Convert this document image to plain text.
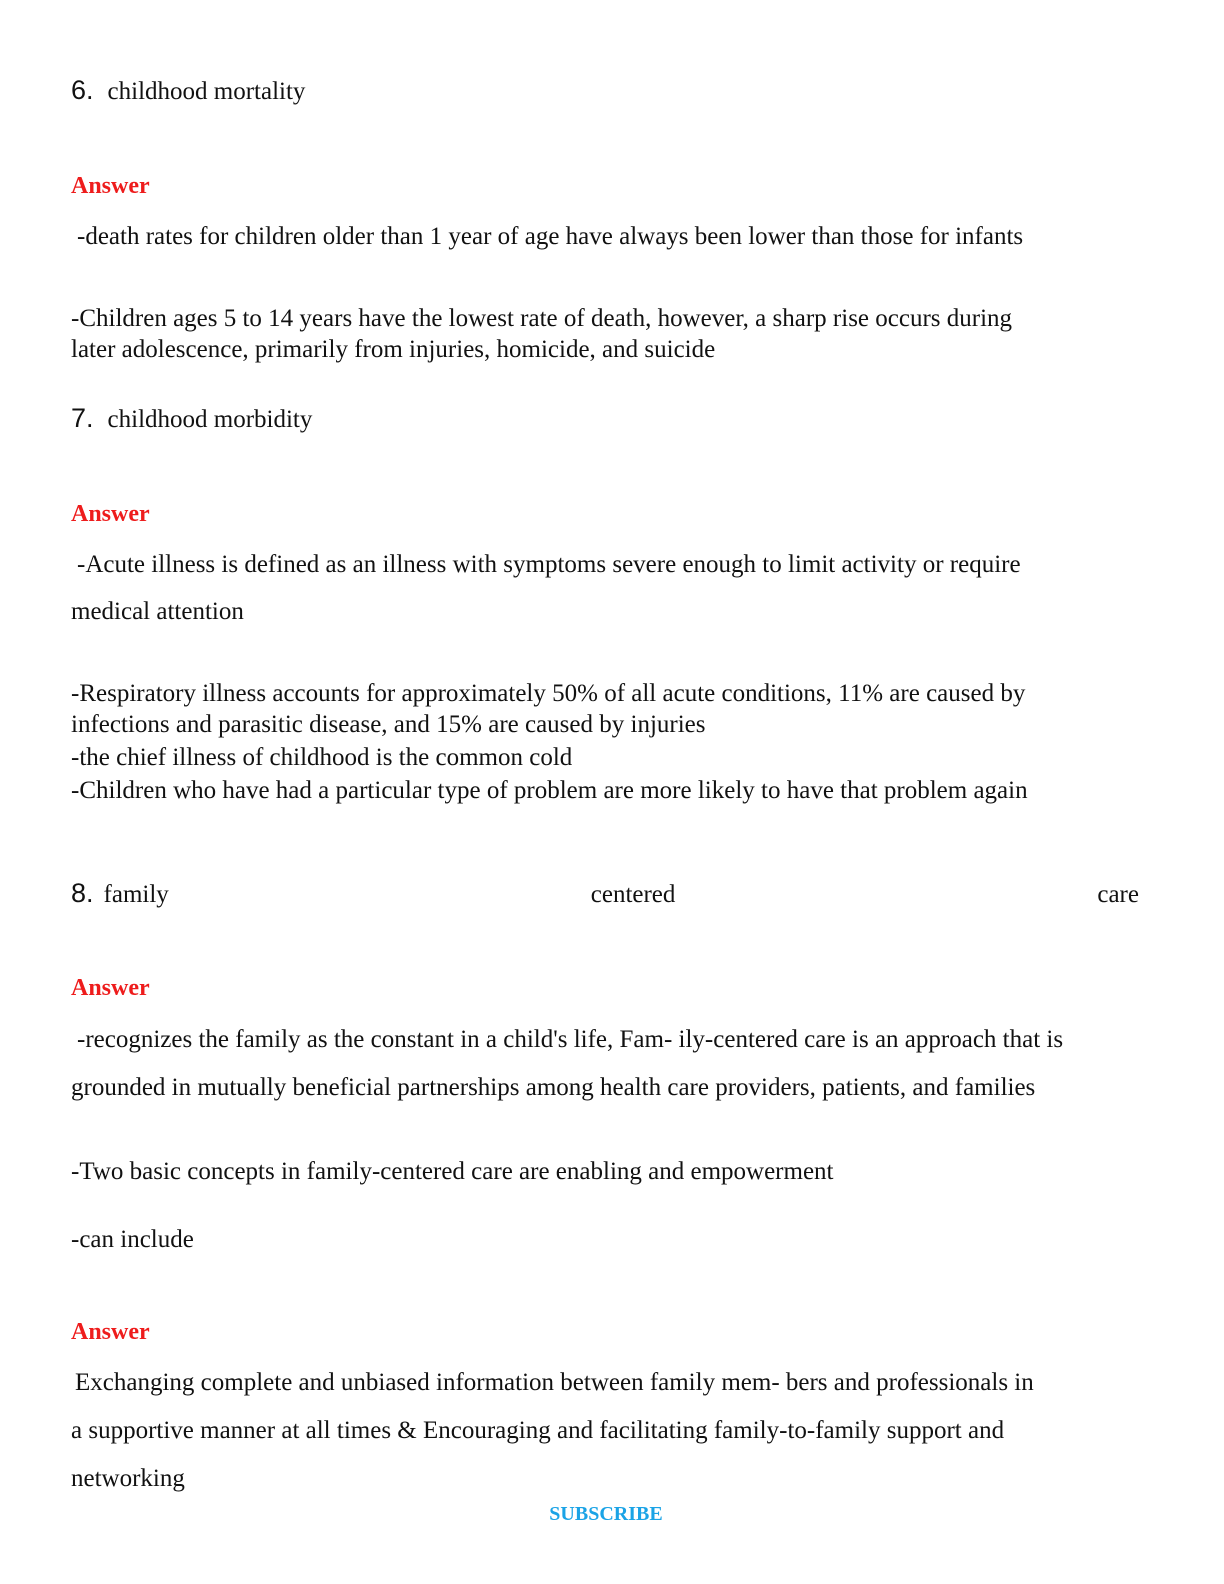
6. childhood mortality
Answer
-death rates for children older than 1 year of age have always been lower than those for infants
-Children ages 5 to 14 years have the lowest rate of death, however, a sharp rise occurs during
later adolescence, primarily from injuries, homicide, and suicide
7. childhood morbidity
Answer
-Acute illness is defined as an illness with symptoms severe enough to limit activity or require
medical attention
-Respiratory illness accounts for approximately 50% of all acute conditions, 11% are caused by
infections and parasitic disease, and 15% are caused by injuries
-the chief illness of childhood is the common cold
-Children who have had a particular type of problem are more likely to have that problem again
8. family	centered	care
Answer
-recognizes the family as the constant in a child's life, Fam- ily-centered care is an approach that is
grounded in mutually beneficial partnerships among health care providers, patients, and families
-Two basic concepts in family-centered care are enabling and empowerment
-can include
Answer
Exchanging complete and unbiased information between family mem- bers and professionals in
a supportive manner at all times & Encouraging and facilitating family-to-family support and
networking
SUBSCRIBE
